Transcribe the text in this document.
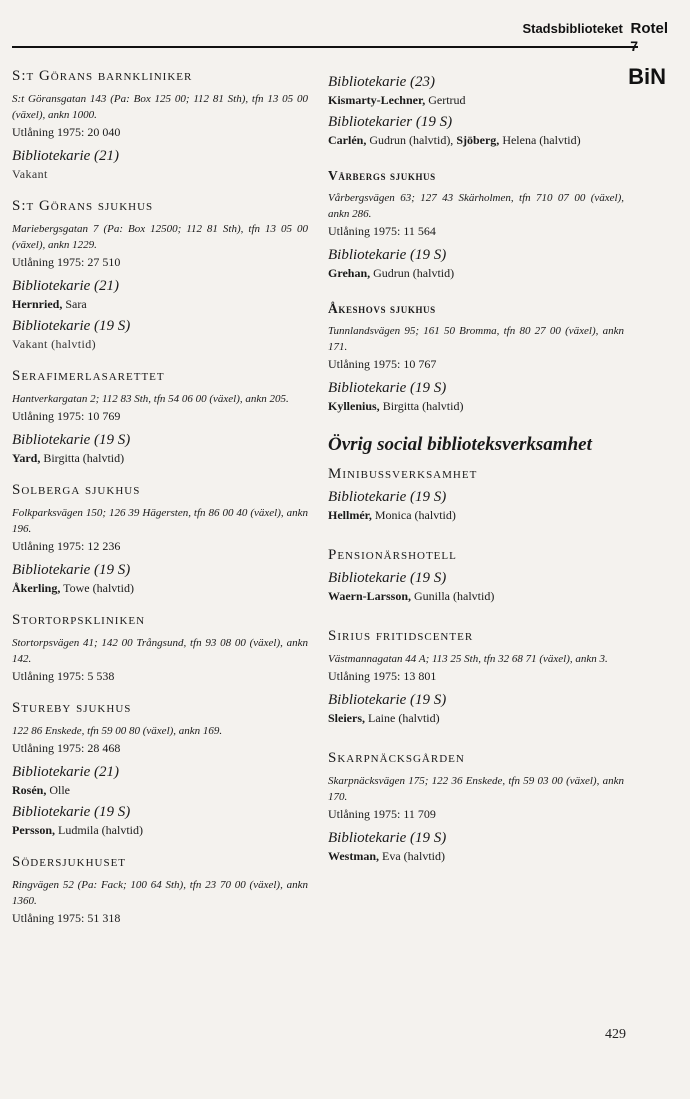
Stadsbiblioteket Rotel
7
BiN
S:t Görans barnkliniker
S:t Göransgatan 143 (Pa: Box 125 00; 112 81 Sth), tfn 13 05 00 (växel), ankn 1000.
Utlåning 1975: 20 040
Bibliotekarie (21)
Vakant
S:t Görans sjukhus
Mariebergsgatan 7 (Pa: Box 12500; 112 81 Sth), tfn 13 05 00 (växel), ankn 1229.
Utlåning 1975: 27 510
Bibliotekarie (21)
Hernried, Sara
Bibliotekarie (19 S)
Vakant (halvtid)
Serafimerlasarettet
Hantverkargatan 2; 112 83 Sth, tfn 54 06 00 (växel), ankn 205.
Utlåning 1975: 10 769
Bibliotekarie (19 S)
Yard, Birgitta (halvtid)
Solberga sjukhus
Folkparksvägen 150; 126 39 Hägersten, tfn 86 00 40 (växel), ankn 196.
Utlåning 1975: 12 236
Bibliotekarie (19 S)
Åkerling, Towe (halvtid)
Stortorpskliniken
Stortorpsvägen 41; 142 00 Trångsund, tfn 93 08 00 (växel), ankn 142.
Utlåning 1975: 5 538
Stureby sjukhus
122 86 Enskede, tfn 59 00 80 (växel), ankn 169.
Utlåning 1975: 28 468
Bibliotekarie (21)
Rosén, Olle
Bibliotekarie (19 S)
Persson, Ludmila (halvtid)
Södersjukhuset
Ringvägen 52 (Pa: Fack; 100 64 Sth), tfn 23 70 00 (växel), ankn 1360.
Utlåning 1975: 51 318
Bibliotekarie (23)
Kismarty-Lechner, Gertrud
Bibliotekarier (19 S)
Carlén, Gudrun (halvtid), Sjöberg, Helena (halvtid)
Vårbergs sjukhus
Vårbergsvägen 63; 127 43 Skärholmen, tfn 710 07 00 (växel), ankn 286.
Utlåning 1975: 11 564
Bibliotekarie (19 S)
Grehan, Gudrun (halvtid)
Åkeshovs sjukhus
Tunnlandsvägen 95; 161 50 Bromma, tfn 80 27 00 (växel), ankn 171.
Utlåning 1975: 10 767
Bibliotekarie (19 S)
Kyllenius, Birgitta (halvtid)
Övrig social biblioteksverksamhet
Minibussverksamhet
Bibliotekarie (19 S)
Hellmér, Monica (halvtid)
Pensionärshotell
Bibliotekarie (19 S)
Waern-Larsson, Gunilla (halvtid)
Sirius fritidscenter
Västmannagatan 44 A; 113 25 Sth, tfn 32 68 71 (växel), ankn 3.
Utlåning 1975: 13 801
Bibliotekarie (19 S)
Sleiers, Laine (halvtid)
Skarpnäcksgården
Skarpnäcksvägen 175; 122 36 Enskede, tfn 59 03 00 (växel), ankn 170.
Utlåning 1975: 11 709
Bibliotekarie (19 S)
Westman, Eva (halvtid)
429
